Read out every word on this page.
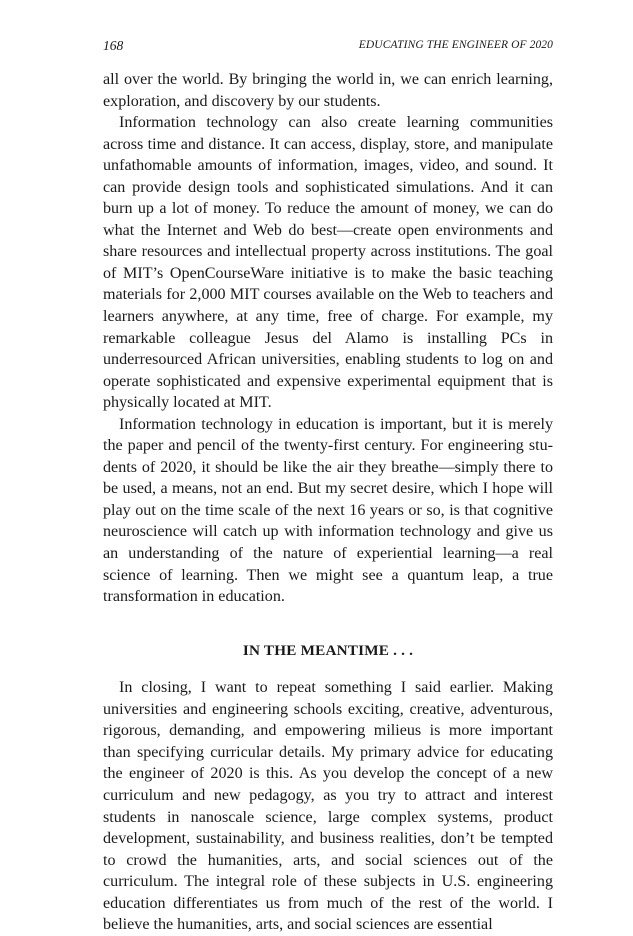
168	EDUCATING THE ENGINEER OF 2020

all over the world. By bringing the world in, we can enrich learning, exploration, and discovery by our students.

Information technology can also create learning communities across time and distance. It can access, display, store, and manipulate unfathomable amounts of information, images, video, and sound. It can provide design tools and sophisticated simulations. And it can burn up a lot of money. To reduce the amount of money, we can do what the Internet and Web do best—create open environments and share resources and intellectual property across institutions. The goal of MIT’s OpenCourseWare initiative is to make the basic teaching materials for 2,000 MIT courses available on the Web to teachers and learners anywhere, at any time, free of charge. For example, my remarkable colleague Jesus del Alamo is installing PCs in underresourced African universities, enabling students to log on and operate sophisticated and expensive experimental equipment that is physically located at MIT.

Information technology in education is important, but it is merely the paper and pencil of the twenty-first century. For engineering students of 2020, it should be like the air they breathe—simply there to be used, a means, not an end. But my secret desire, which I hope will play out on the time scale of the next 16 years or so, is that cognitive neuroscience will catch up with information technology and give us an understanding of the nature of experiential learning—a real science of learning. Then we might see a quantum leap, a true transformation in education.

IN THE MEANTIME . . .

In closing, I want to repeat something I said earlier. Making universities and engineering schools exciting, creative, adventurous, rigorous, demanding, and empowering milieus is more important than specifying curricular details. My primary advice for educating the engineer of 2020 is this. As you develop the concept of a new curriculum and new pedagogy, as you try to attract and interest students in nanoscale science, large complex systems, product development, sustainability, and business realities, don’t be tempted to crowd the humanities, arts, and social sciences out of the curriculum. The integral role of these subjects in U.S. engineering education differentiates us from much of the rest of the world. I believe the humanities, arts, and social sciences are essential
